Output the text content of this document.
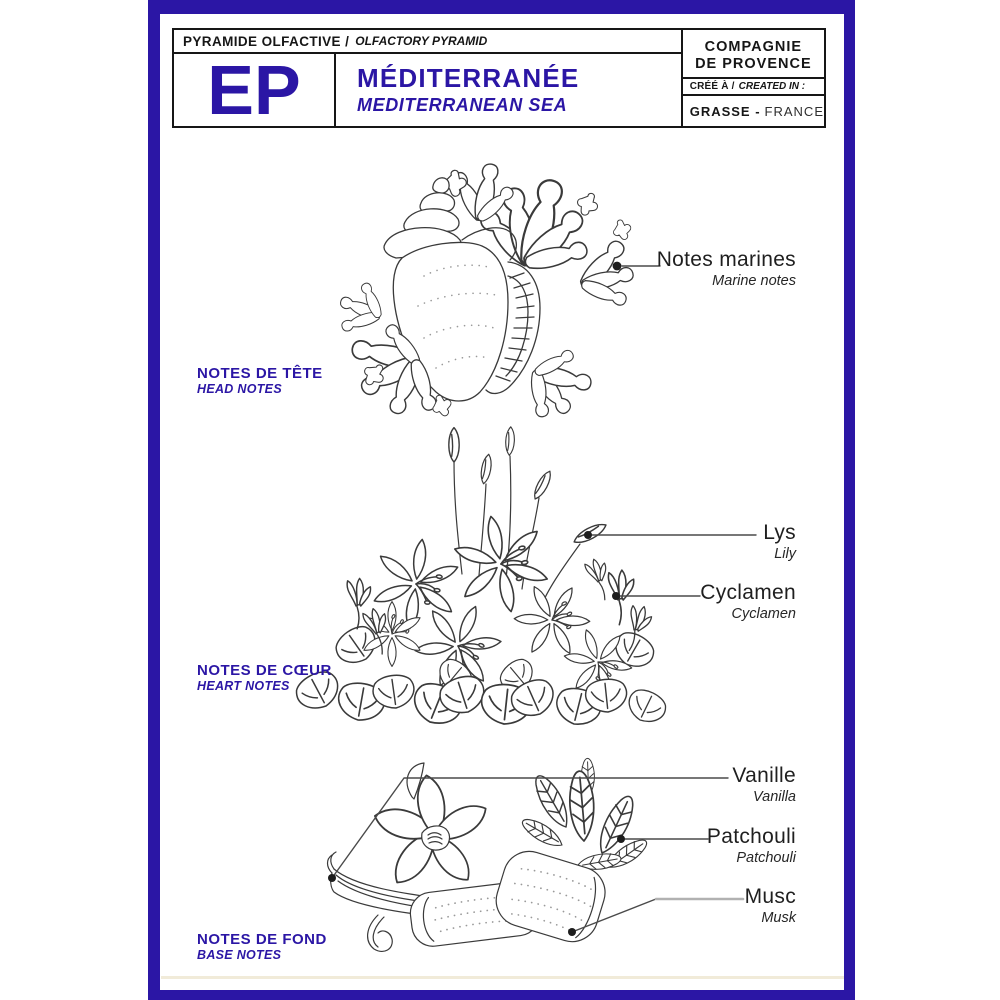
PYRAMIDE OLFACTIVE / OLFACTORY PYRAMID
EP MÉDITERRANÉE
MEDITERRANEAN SEA
COMPAGNIE
DE PROVENCE
CRÉÉ À / CREATED IN :
GRASSE - FRANCE
NOTES DE TÊTE
HEAD NOTES
NOTES DE CŒUR
HEART NOTES
NOTES DE FOND
BASE NOTES
Notes marines
Marine notes
Lys
Lily
Cyclamen
Cyclamen
Vanille
Vanilla
Patchouli
Patchouli
Musc
Musk
